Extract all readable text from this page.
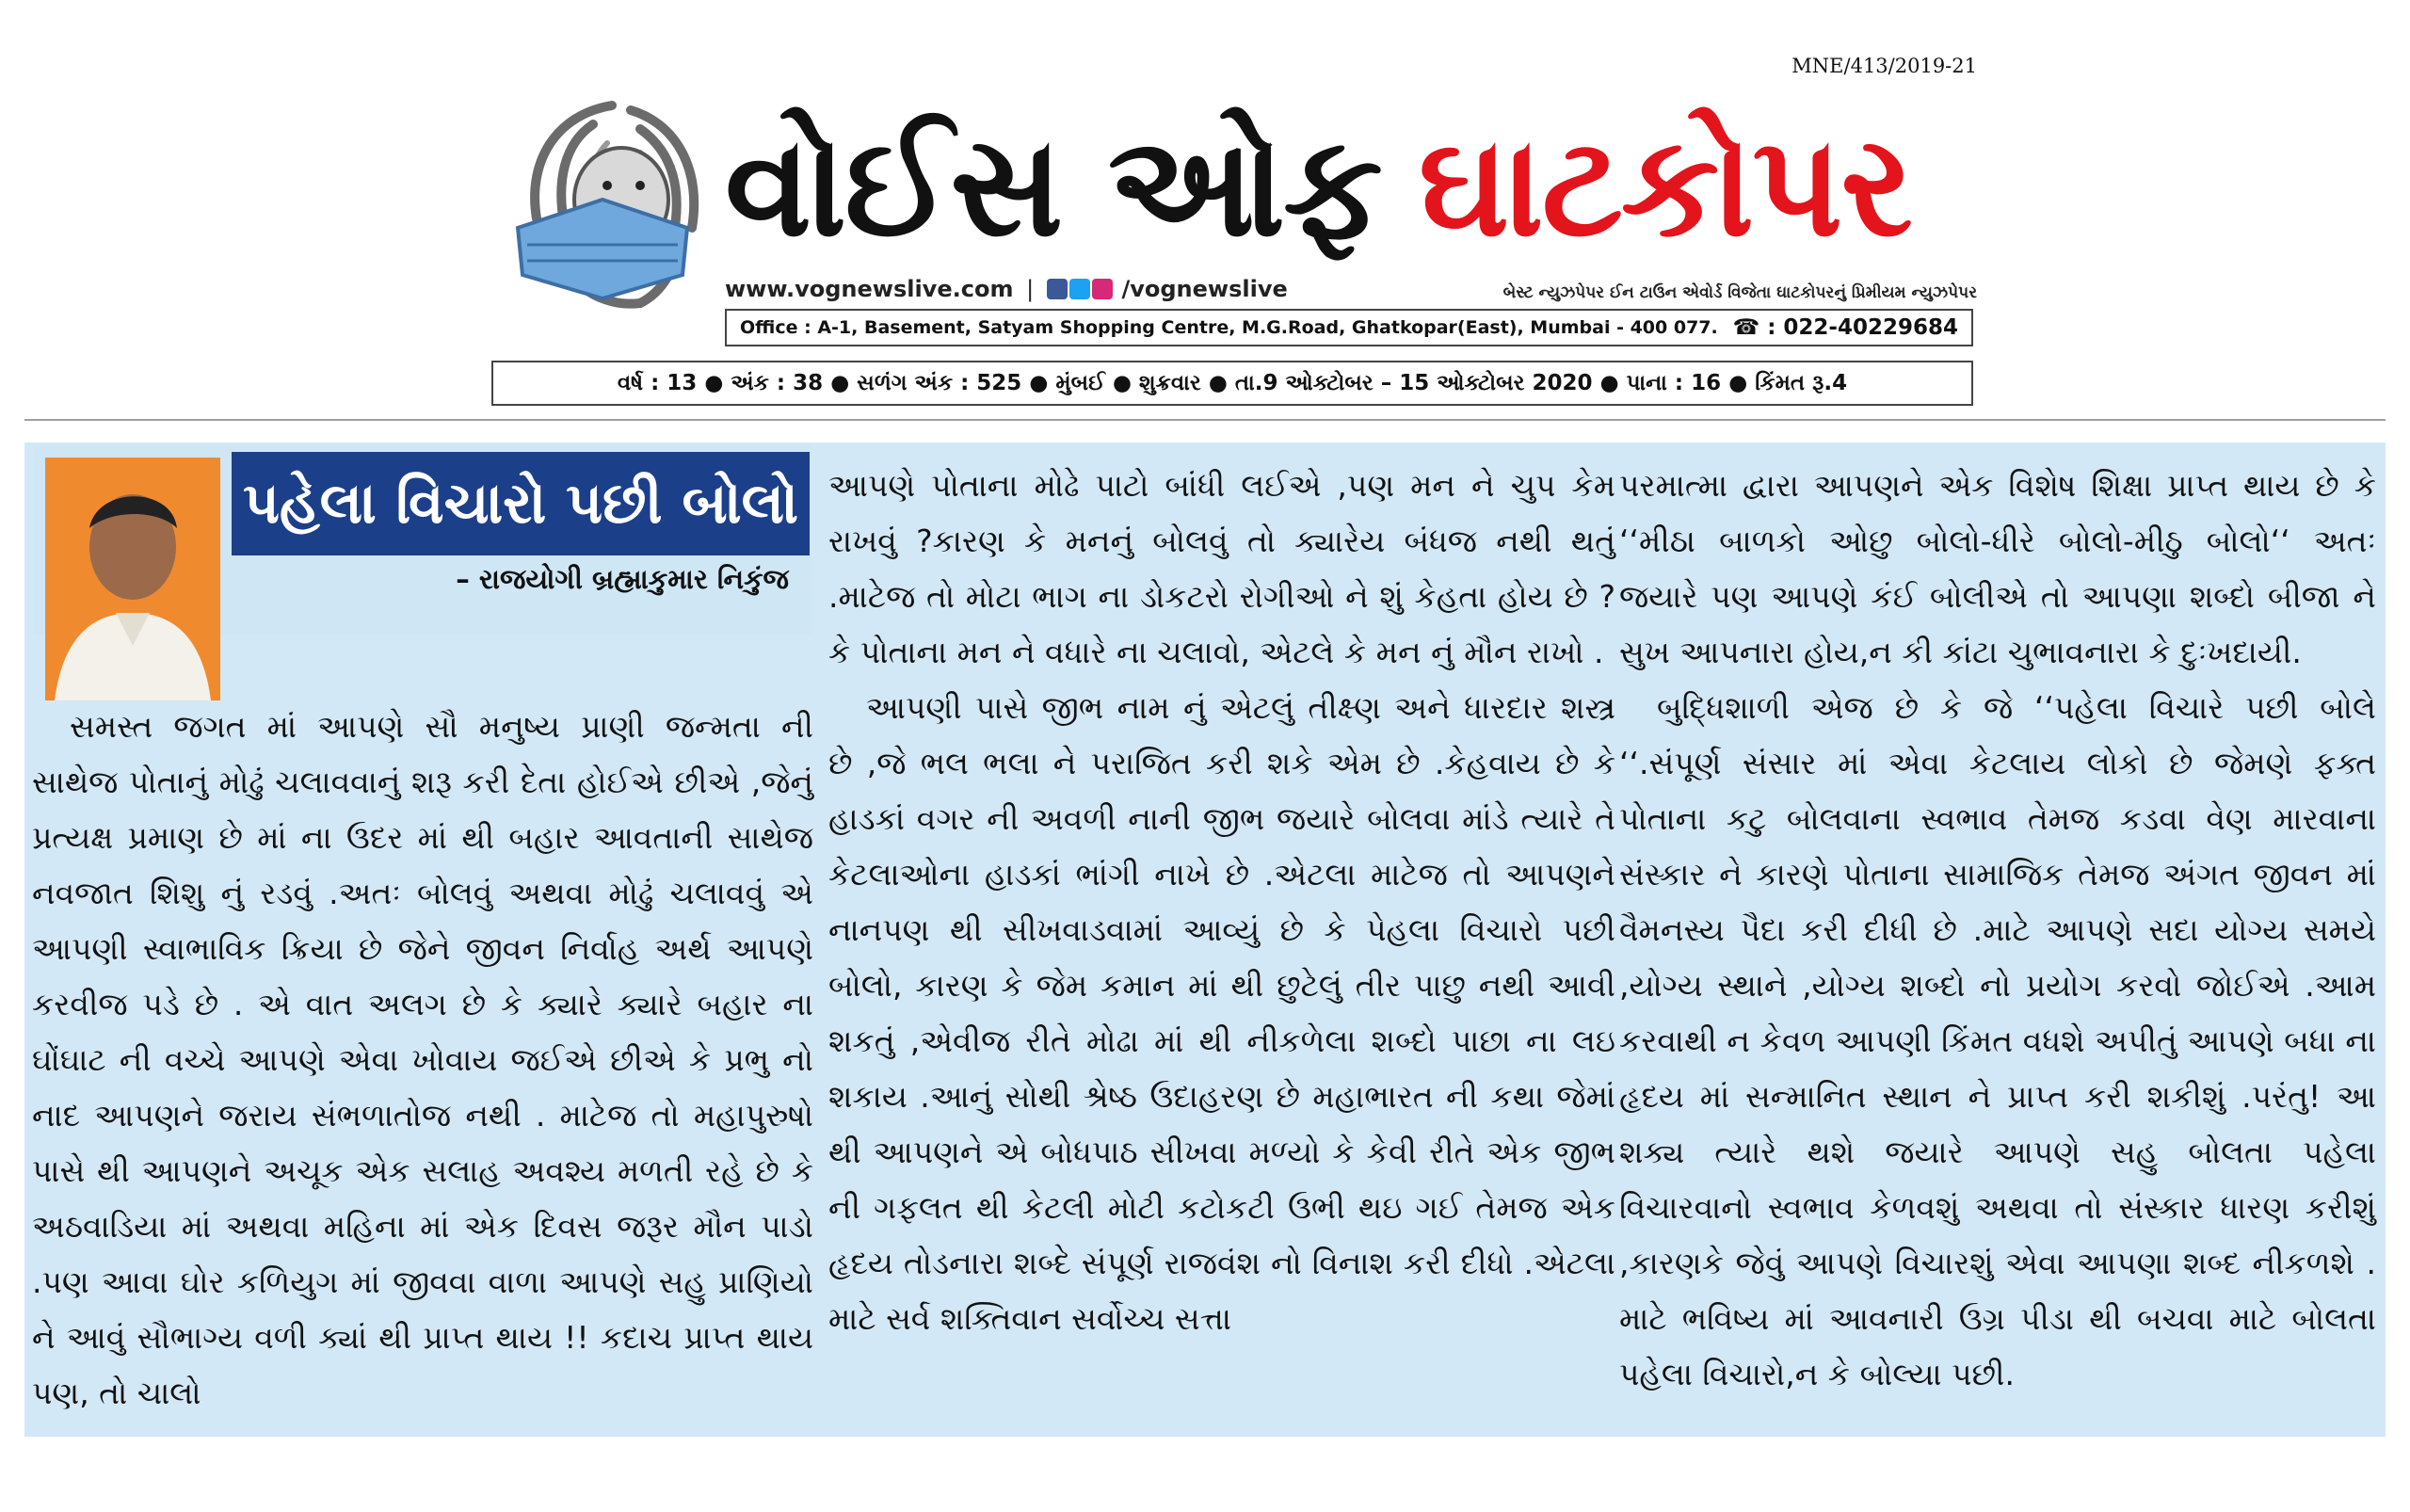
MNE/413/2019-21
વોઈસ ઓફ ઘાટકોપર
www.vognewslive.com |	/vognewslive	બેસ્ટ ન્યુઝપેપર ઈન ટાઉન એવોર્ડ વિજેતા ઘાટકોપરનું પ્રિમીયમ ન્યુઝપેપર
Office : A-1, Basement, Satyam Shopping Centre, M.G.Road, Ghatkopar(East), Mumbai - 400 077. ☎ : 022-40229684
વર્ષ : 13 ● અંક : 38 ● સળંગ અંક : 525 ● મુંબઈ ● શુક્રવાર ● તા.9 ઓક્ટોબર – 15 ઓક્ટોબર 2020 ● પાના : 16 ● કિંમત રૂ.4
પહેલા વિચારો પછી બોલો
– રાજયોગી બ્રહ્માકુમાર નિકુંજ

સમસ્ત જગત માં આપણે સૌ મનુષ્ય પ્રાણી જન્મતા ની સાથેજ પોતાનું મોઢું ચલાવવાનું શરૂ કરી દેતા હોઈએ છીએ ,જેનું પ્રત્યક્ષ પ્રમાણ છે માં ના ઉદર માં થી બહાર આવતાની સાથેજ નવજાત શિશુ નું રડવું .અતઃ બોલવું અથવા મોઢું ચલાવવું એ આપણી સ્વાભાવિક ક્રિયા છે જેને જીવન નિર્વાહ અર્થ આપણે કરવીજ પડે છે . એ વાત અલગ છે કે ક્યારે ક્યારે બહાર ના ઘોંઘાટ ની વચ્ચે આપણે એવા ખોવાય જઈએ છીએ કે પ્રભુ નો નાદ આપણને જરાય સંભળાતોજ નથી . માટેજ તો મહાપુરુષો પાસે થી આપણને અચૂક એક સલાહ અવશ્ય મળતી રહે છે કે અઠવાડિયા માં અથવા મહિના માં એક દિવસ જરૂર મૌન પાડો .પણ આવા ઘોર કળિયુગ માં જીવવા વાળા આપણે સહુ પ્રાણિયો ને આવું સૌભાગ્ય વળી ક્યાં થી પ્રાપ્ત થાય !! કદાચ પ્રાપ્ત થાય પણ, તો ચાલો

આપણે પોતાના મોઢે પાટો બાંધી લઈએ ,પણ મન ને ચુપ કેમ રાખવું ?કારણ કે મનનું બોલવું તો ક્યારેય બંધજ નથી થતું .માટેજ તો મોટા ભાગ ના ડોકટરો રોગીઓ ને શું કેહતા હોય છે ?કે પોતાના મન ને વધારે ના ચલાવો, એટલે કે મન નું મૌન રાખો .

આપણી પાસે જીભ નામ નું એટલું તીક્ષ્ણ અને ધારદાર શસ્ત્ર છે ,જે ભલ ભલા ને પરાજિત કરી શકે એમ છે .કેહવાય છે કે હાડકાં વગર ની અવળી નાની જીભ જયારે બોલવા માંડે ત્યારે તે કેટલાઓના હાડકાં ભાંગી નાખે છે .એટલા માટેજ તો આપણને નાનપણ થી સીખવાડવામાં આવ્યું છે કે પેહલા વિચારો પછી બોલો, કારણ કે જેમ કમાન માં થી છુટેલું તીર પાછુ નથી આવી શકતું ,એવીજ રીતે મોઢા માં થી નીકળેલા શબ્દો પાછા ના લઇ શકાય .આનું સોથી શ્રેષ્ઠ ઉદાહરણ છે મહાભારત ની કથા જેમાં થી આપણને એ બોધપાઠ સીખવા મળ્યો કે કેવી રીતે એક જીભ ની ગફલત થી કેટલી મોટી કટોકટી ઉભી થઇ ગઈ તેમજ એક હૃદય તોડનારા શબ્દે સંપૂર્ણ રાજવંશ નો વિનાશ કરી દીધો .એટલા માટે સર્વ શક્તિવાન સર્વોચ્ચ સત્તા

પરમાત્મા દ્વારા આપણને એક વિશેષ શિક્ષા પ્રાપ્ત થાય છે કે ‘‘મીઠા બાળકો ઓછુ બોલો-ધીરે બોલો-મીઠુ બોલો‘‘ અતઃ જયારે પણ આપણે કંઈ બોલીએ તો આપણા શબ્દો બીજા ને સુખ આપનારા હોય,ન કી કાંટા ચુભાવનારા કે દુઃખદાયી.

બુદ્ધિશાળી એજ છે કે જે ‘‘પહેલા વિચારે પછી બોલે ‘‘.સંપૂર્ણ સંસાર માં એવા કેટલાય લોકો છે જેમણે ફક્ત પોતાના કટુ બોલવાના સ્વભાવ તેમજ કડવા વેણ મારવાના સંસ્કાર ને કારણે પોતાના સામાજિક તેમજ અંગત જીવન માં વૈમનસ્ય પૈદા કરી દીધી છે .માટે આપણે સદા યોગ્ય સમયે ,યોગ્ય સ્થાને ,યોગ્ય શબ્દો નો પ્રયોગ કરવો જોઈએ .આમ કરવાથી ન કેવળ આપણી કિંમત વધશે અપીતું આપણે બધા ના હૃદય માં સન્માનિત સ્થાન ને પ્રાપ્ત કરી શકીશું .પરંતુ! આ શક્ય ત્યારે થશે જયારે આપણે સહુ બોલતા પહેલા વિચારવાનો સ્વભાવ કેળવશું અથવા તો સંસ્કાર ધારણ કરીશું ,કારણકે જેવું આપણે વિચારશું એવા આપણા શબ્દ નીકળશે . માટે ભવિષ્ય માં આવનારી ઉગ્ર પીડા થી બચવા માટે બોલતા પહેલા વિચારો,ન કે બોલ્યા પછી.
